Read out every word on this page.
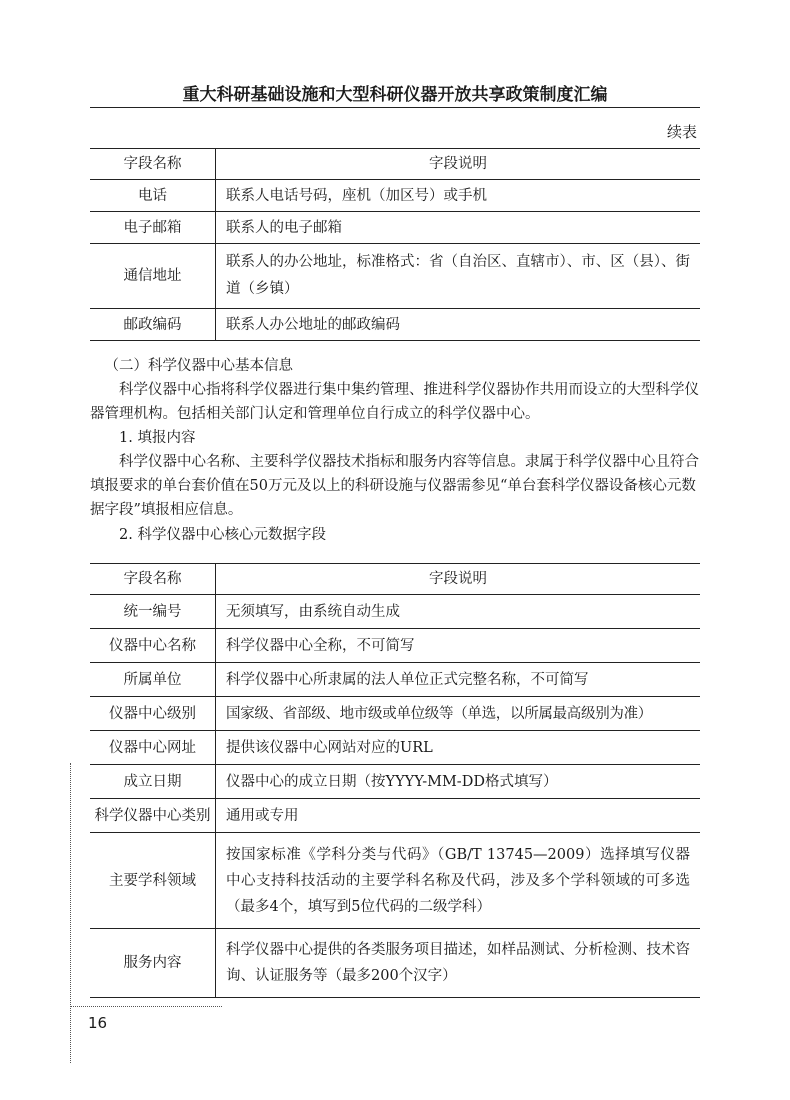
重大科研基础设施和大型科研仪器开放共享政策制度汇编
续表
字段名称	字段说明
电话	联系人电话号码，座机（加区号）或手机
电子邮箱	联系人的电子邮箱
通信地址	联系人的办公地址，标准格式：省（自治区、直辖市）、市、区（县）、街道（乡镇）
邮政编码	联系人办公地址的邮政编码

（二）科学仪器中心基本信息

科学仪器中心指将科学仪器进行集中集约管理、推进科学仪器协作共用而设立的大型科学仪器管理机构。包括相关部门认定和管理单位自行成立的科学仪器中心。

1. 填报内容

科学仪器中心名称、主要科学仪器技术指标和服务内容等信息。隶属于科学仪器中心且符合填报要求的单台套价值在50万元及以上的科研设施与仪器需参见“单台套科学仪器设备核心元数据字段”填报相应信息。

2. 科学仪器中心核心元数据字段

字段名称	字段说明
统一编号	无须填写，由系统自动生成
仪器中心名称	科学仪器中心全称，不可简写
所属单位	科学仪器中心所隶属的法人单位正式完整名称，不可简写
仪器中心级别	国家级、省部级、地市级或单位级等（单选，以所属最高级别为准）
仪器中心网址	提供该仪器中心网站对应的URL
成立日期	仪器中心的成立日期（按YYYY-MM-DD格式填写）
科学仪器中心类别	通用或专用
主要学科领域	按国家标准《学科分类与代码》（GB/T 13745—2009）选择填写仪器中心支持科技活动的主要学科名称及代码，涉及多个学科领域的可多选（最多4个，填写到5位代码的二级学科）
服务内容	科学仪器中心提供的各类服务项目描述，如样品测试、分析检测、技术咨询、认证服务等（最多200个汉字）
16
